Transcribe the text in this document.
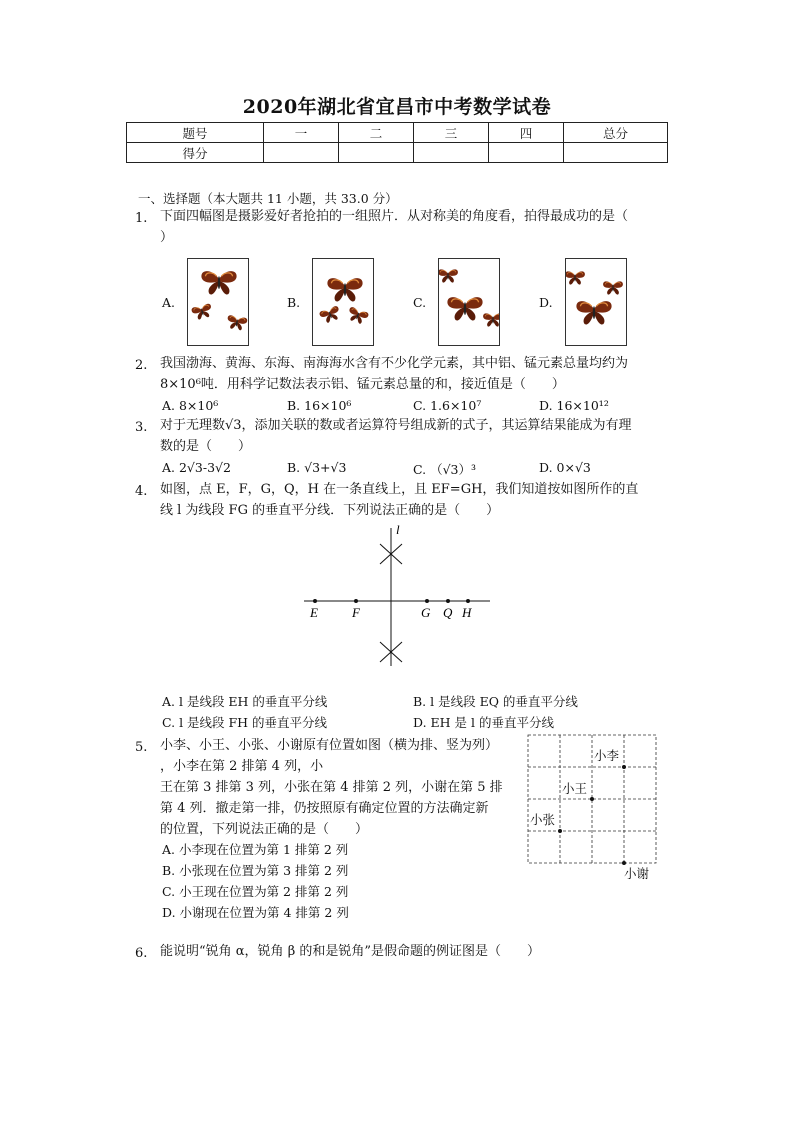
2020年湖北省宜昌市中考数学试卷
题号	一	二	三	四	总分
得分					
一、选择题（本大题共 11 小题，共 33.0 分）
1. 下面四幅图是摄影爱好者抢拍的一组照片．从对称美的角度看，拍得最成功的是（
）
A.	B.	C.	D.
2. 我国渤海、黄海、东海、南海海水含有不少化学元素，其中铝、锰元素总量均约为
8×10⁶吨．用科学记数法表示铝、锰元素总量的和，接近值是（　　）
A. 8×10⁶	B. 16×10⁶	C. 1.6×10⁷	D. 16×10¹²
3. 对于无理数√3，添加关联的数或者运算符号组成新的式子，其运算结果能成为有理
数的是（　　）
A. 2√3-3√2	B. √3+√3	C. （√3）³	D. 0×√3
4. 如图，点 E，F，G，Q，H 在一条直线上，且 EF=GH，我们知道按如图所作的直
线 l 为线段 FG 的垂直平分线．下列说法正确的是（　　）
l
E	F	G Q H
A. l 是线段 EH 的垂直平分线	B. l 是线段 EQ 的垂直平分线
C. l 是线段 FH 的垂直平分线	D. EH 是 l 的垂直平分线
5. 小李、小王、小张、小谢原有位置如图（横为排、竖为列）
，小李在第 2 排第 4 列，小
王在第 3 排第 3 列，小张在第 4 排第 2 列，小谢在第 5 排
第 4 列．撤走第一排，仍按照原有确定位置的方法确定新
的位置，下列说法正确的是（　　）
A. 小李现在位置为第 1 排第 2 列
B. 小张现在位置为第 3 排第 2 列
C. 小王现在位置为第 2 排第 2 列
D. 小谢现在位置为第 4 排第 2 列
小李
小王
小张
小谢
6. 能说明“锐角 α，锐角 β 的和是锐角”是假命题的例证图是（　　）
